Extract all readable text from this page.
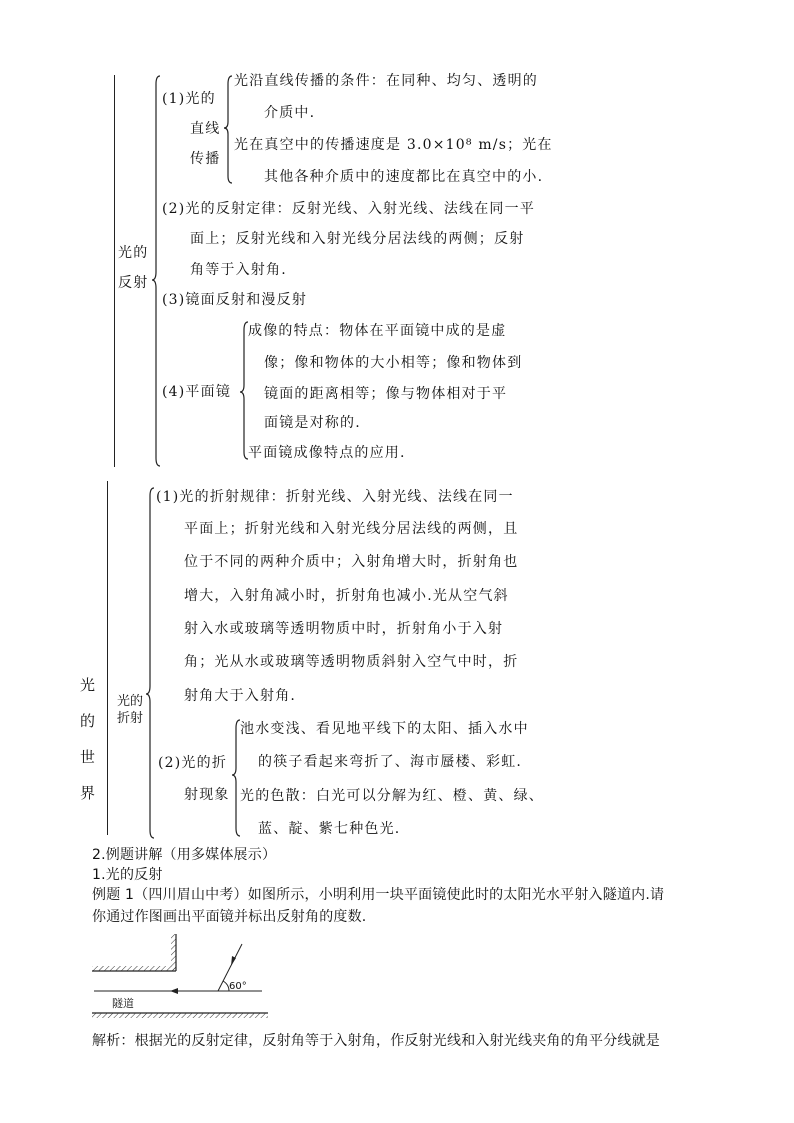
光的
反射
(1)光的
直线
传播
光沿直线传播的条件：在同种、均匀、透明的
介质中.
光在真空中的传播速度是 3.0×10⁸ m/s；光在
其他各种介质中的速度都比在真空中的小.
(2)光的反射定律：反射光线、入射光线、法线在同一平
面上；反射光线和入射光线分居法线的两侧；反射
角等于入射角.
(3)镜面反射和漫反射
(4)平面镜
成像的特点：物体在平面镜中成的是虚
像；像和物体的大小相等；像和物体到
镜面的距离相等；像与物体相对于平
面镜是对称的.
平面镜成像特点的应用.
光
的
世
界
光的
折射
(1)光的折射规律：折射光线、入射光线、法线在同一
平面上；折射光线和入射光线分居法线的两侧，且
位于不同的两种介质中；入射角增大时，折射角也
增大，入射角减小时，折射角也减小.光从空气斜
射入水或玻璃等透明物质中时，折射角小于入射
角；光从水或玻璃等透明物质斜射入空气中时，折
射角大于入射角.
(2)光的折
射现象
池水变浅、看见地平线下的太阳、插入水中
的筷子看起来弯折了、海市蜃楼、彩虹.
光的色散：白光可以分解为红、橙、黄、绿、
蓝、靛、紫七种色光.
2.例题讲解（用多媒体展示）
1.光的反射
例题 1（四川眉山中考）如图所示，小明利用一块平面镜使此时的太阳光水平射入隧道内.请
你通过作图画出平面镜并标出反射角的度数.
60°
隧道
解析：根据光的反射定律，反射角等于入射角，作反射光线和入射光线夹角的角平分线就是
